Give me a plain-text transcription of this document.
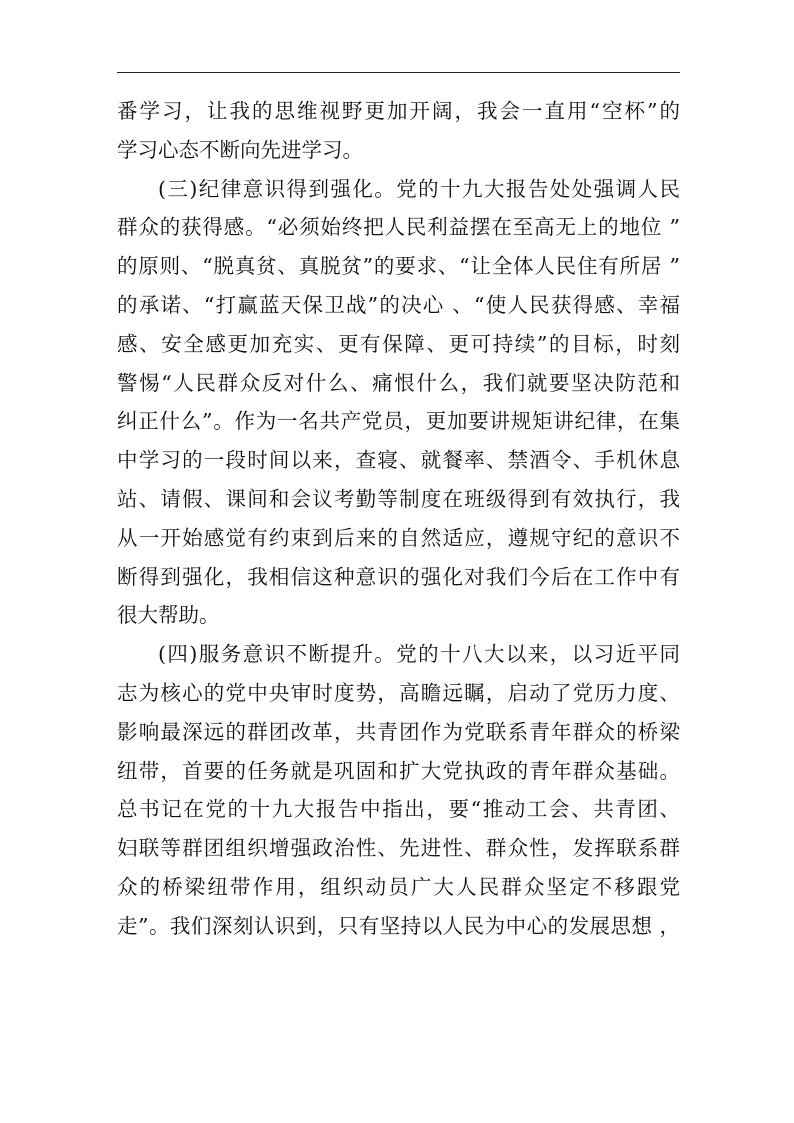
番学习，让我的思维视野更加开阔，我会一直用“空杯”的
学习心态不断向先进学习。
(三)纪律意识得到强化。党的十九大报告处处强调人民
群众的获得感。“必须始终把人民利益摆在至高无上的地位 ”
的原则、“脱真贫、真脱贫”的要求、“让全体人民住有所居 ”
的承诺、“打赢蓝天保卫战”的决心 、“使人民获得感、幸福
感、安全感更加充实、更有保障、更可持续”的目标，时刻
警惕“人民群众反对什么、痛恨什么，我们就要坚决防范和
纠正什么”。作为一名共产党员，更加要讲规矩讲纪律，在集
中学习的一段时间以来，查寝、就餐率、禁酒令、手机休息
站、请假、课间和会议考勤等制度在班级得到有效执行，我
从一开始感觉有约束到后来的自然适应，遵规守纪的意识不
断得到强化，我相信这种意识的强化对我们今后在工作中有
很大帮助。
(四)服务意识不断提升。党的十八大以来，以习近平同
志为核心的党中央审时度势，高瞻远瞩，启动了党历力度、
影响最深远的群团改革，共青团作为党联系青年群众的桥梁
纽带，首要的任务就是巩固和扩大党执政的青年群众基础。
总书记在党的十九大报告中指出，要“推动工会、共青团、
妇联等群团组织增强政治性、先进性、群众性，发挥联系群
众的桥梁纽带作用，组织动员广大人民群众坚定不移跟党
走”。我们深刻认识到，只有坚持以人民为中心的发展思想 ，
